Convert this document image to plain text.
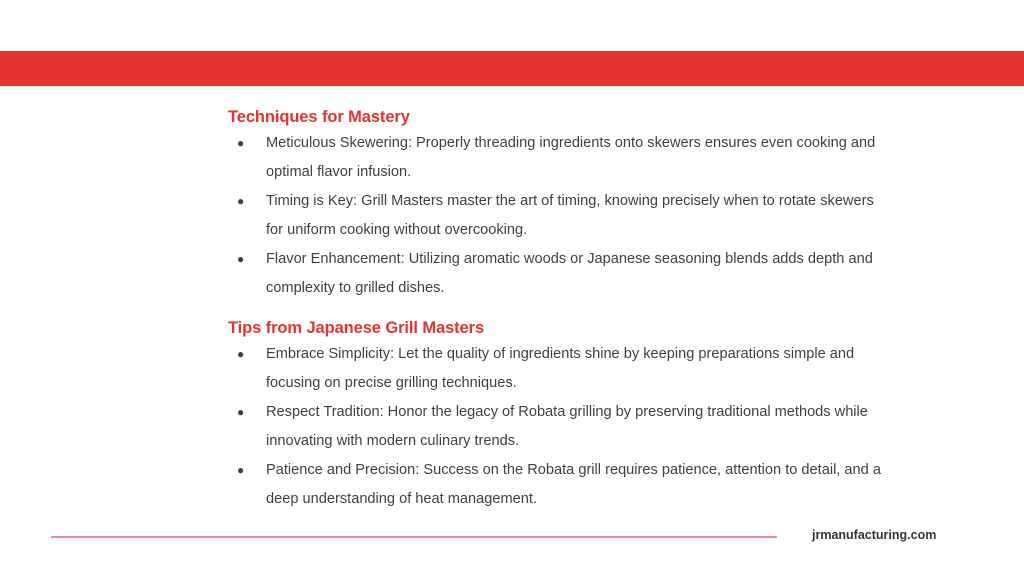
Techniques for Mastery
● Meticulous Skewering: Properly threading ingredients onto skewers ensures even cooking and optimal flavor infusion.
● Timing is Key: Grill Masters master the art of timing, knowing precisely when to rotate skewers for uniform cooking without overcooking.
● Flavor Enhancement: Utilizing aromatic woods or Japanese seasoning blends adds depth and complexity to grilled dishes.
Tips from Japanese Grill Masters
● Embrace Simplicity: Let the quality of ingredients shine by keeping preparations simple and focusing on precise grilling techniques.
● Respect Tradition: Honor the legacy of Robata grilling by preserving traditional methods while innovating with modern culinary trends.
● Patience and Precision: Success on the Robata grill requires patience, attention to detail, and a deep understanding of heat management.
jrmanufacturing.com
